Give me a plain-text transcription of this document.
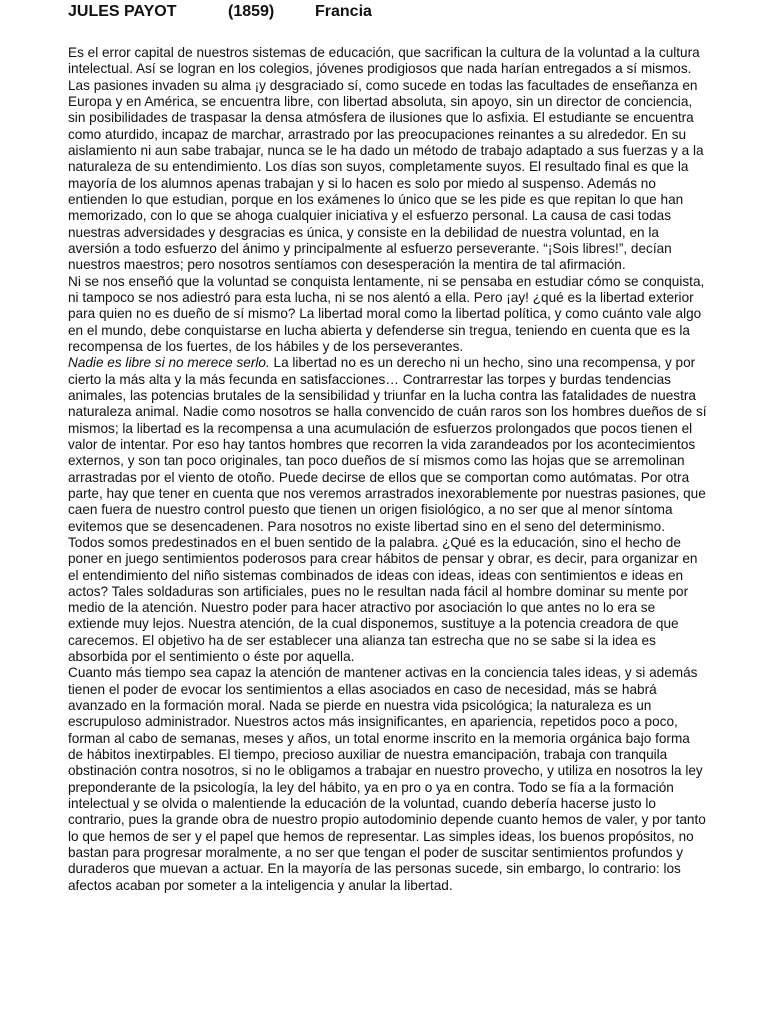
JULES PAYOT	(1859)	Francia

Es el error capital de nuestros sistemas de educación, que sacrifican la cultura de la voluntad a la cultura intelectual. Así se logran en los colegios, jóvenes prodigiosos que nada harían entregados a sí mismos. Las pasiones invaden su alma ¡y desgraciado sí, como sucede en todas las facultades de enseñanza en Europa y en América, se encuentra libre, con libertad absoluta, sin apoyo, sin un director de conciencia, sin posibilidades de traspasar la densa atmósfera de ilusiones que lo asfixia. El estudiante se encuentra como aturdido, incapaz de marchar, arrastrado por las preocupaciones reinantes a su alrededor. En su aislamiento ni aun sabe trabajar, nunca se le ha dado un método de trabajo adaptado a sus fuerzas y a la naturaleza de su entendimiento. Los días son suyos, completamente suyos. El resultado final es que la mayoría de los alumnos apenas trabajan y si lo hacen es solo por miedo al suspenso. Además no entienden lo que estudian, porque en los exámenes lo único que se les pide es que repitan lo que han memorizado, con lo que se ahoga cualquier iniciativa y el esfuerzo personal. La causa de casi todas nuestras adversidades y desgracias es única, y consiste en la debilidad de nuestra voluntad, en la aversión a todo esfuerzo del ánimo y principalmente al esfuerzo perseverante. “¡Sois libres!”, decían nuestros maestros; pero nosotros sentíamos con desesperación la mentira de tal afirmación.

Ni se nos enseñó que la voluntad se conquista lentamente, ni se pensaba en estudiar cómo se conquista, ni tampoco se nos adiestró para esta lucha, ni se nos alentó a ella. Pero ¡ay! ¿qué es la libertad exterior para quien no es dueño de sí mismo? La libertad moral como la libertad política, y como cuánto vale algo en el mundo, debe conquistarse en lucha abierta y defenderse sin tregua, teniendo en cuenta que es la recompensa de los fuertes, de los hábiles y de los perseverantes.

Nadie es libre si no merece serlo. La libertad no es un derecho ni un hecho, sino una recompensa, y por cierto la más alta y la más fecunda en satisfacciones… Contrarrestar las torpes y burdas tendencias animales, las potencias brutales de la sensibilidad y triunfar en la lucha contra las fatalidades de nuestra naturaleza animal. Nadie como nosotros se halla convencido de cuán raros son los hombres dueños de sí mismos; la libertad es la recompensa a una acumulación de esfuerzos prolongados que pocos tienen el valor de intentar. Por eso hay tantos hombres que recorren la vida zarandeados por los acontecimientos externos, y son tan poco originales, tan poco dueños de sí mismos como las hojas que se arremolinan arrastradas por el viento de otoño. Puede decirse de ellos que se comportan como autómatas. Por otra parte, hay que tener en cuenta que nos veremos arrastrados inexorablemente por nuestras pasiones, que caen fuera de nuestro control puesto que tienen un origen fisiológico, a no ser que al menor síntoma evitemos que se desencadenen. Para nosotros no existe libertad sino en el seno del determinismo.

Todos somos predestinados en el buen sentido de la palabra. ¿Qué es la educación, sino el hecho de poner en juego sentimientos poderosos para crear hábitos de pensar y obrar, es decir, para organizar en el entendimiento del niño sistemas combinados de ideas con ideas, ideas con sentimientos e ideas en actos? Tales soldaduras son artificiales, pues no le resultan nada fácil al hombre dominar su mente por medio de la atención. Nuestro poder para hacer atractivo por asociación lo que antes no lo era se extiende muy lejos. Nuestra atención, de la cual disponemos, sustituye a la potencia creadora de que carecemos. El objetivo ha de ser establecer una alianza tan estrecha que no se sabe si la idea es absorbida por el sentimiento o éste por aquella.

Cuanto más tiempo sea capaz la atención de mantener activas en la conciencia tales ideas, y si además tienen el poder de evocar los sentimientos a ellas asociados en caso de necesidad, más se habrá avanzado en la formación moral. Nada se pierde en nuestra vida psicológica; la naturaleza es un escrupuloso administrador. Nuestros actos más insignificantes, en apariencia, repetidos poco a poco, forman al cabo de semanas, meses y años, un total enorme inscrito en la memoria orgánica bajo forma de hábitos inextirpables. El tiempo, precioso auxiliar de nuestra emancipación, trabaja con tranquila obstinación contra nosotros, si no le obligamos a trabajar en nuestro provecho, y utiliza en nosotros la ley preponderante de la psicología, la ley del hábito, ya en pro o ya en contra. Todo se fía a la formación intelectual y se olvida o malentiende la educación de la voluntad, cuando debería hacerse justo lo contrario, pues la grande obra de nuestro propio autodominio depende cuanto hemos de valer, y por tanto lo que hemos de ser y el papel que hemos de representar. Las simples ideas, los buenos propósitos, no bastan para progresar moralmente, a no ser que tengan el poder de suscitar sentimientos profundos y duraderos que muevan a actuar. En la mayoría de las personas sucede, sin embargo, lo contrario: los afectos acaban por someter a la inteligencia y anular la libertad.
